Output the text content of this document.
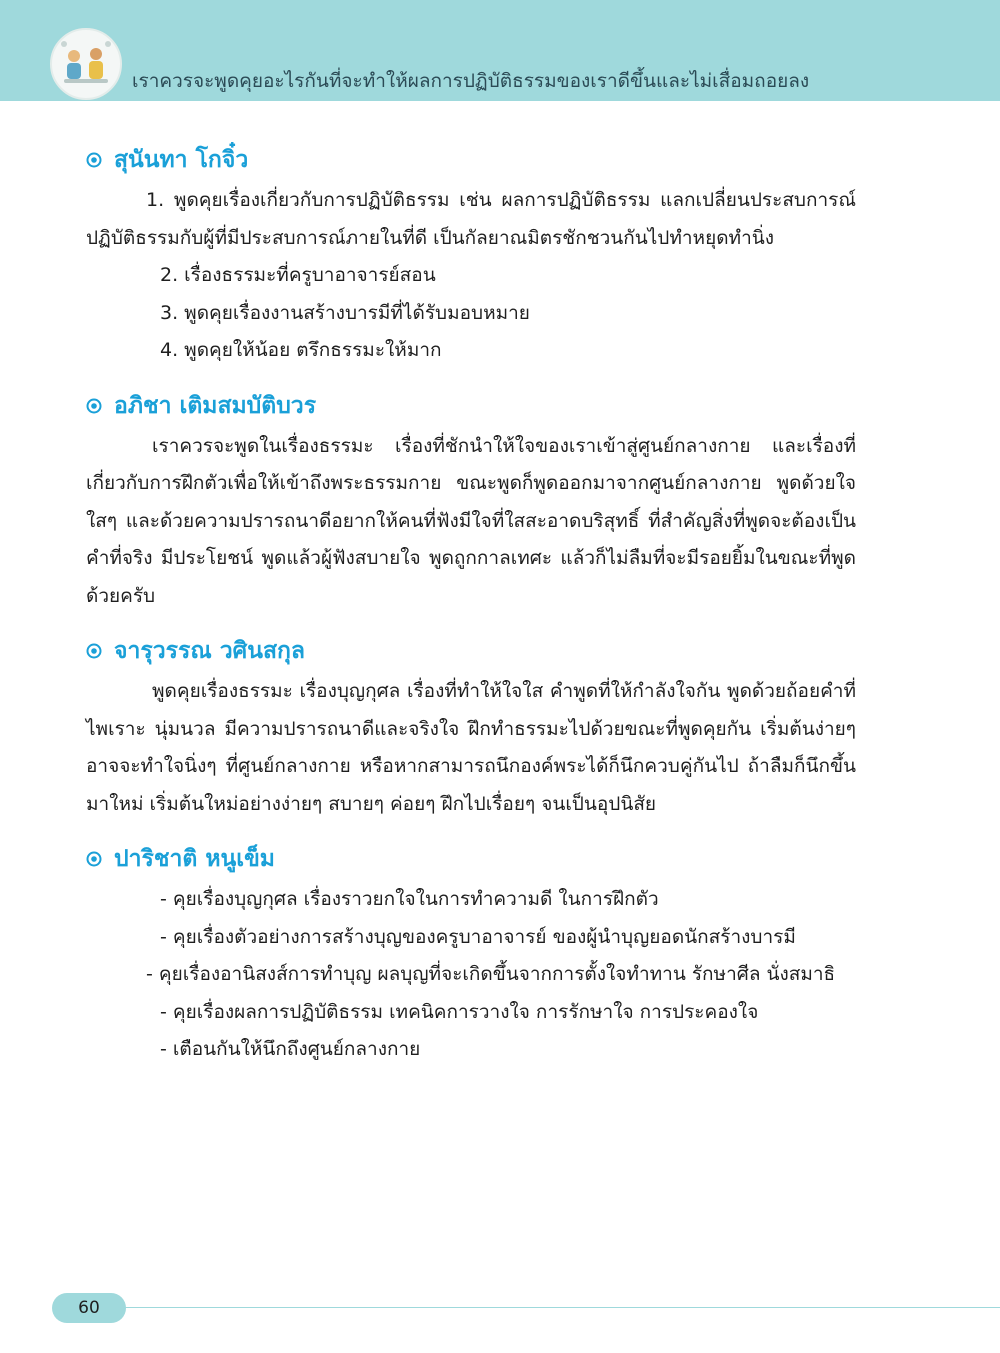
เราควรจะพูดคุยอะไรกันที่จะทำให้ผลการปฏิบัติธรรมของเราดีขึ้นและไม่เสื่อมถอยลง
สุนันทา โกจิ๋ว

1. พูดคุยเรื่องเกี่ยวกับการปฏิบัติธรรม เช่น ผลการปฏิบัติธรรม แลกเปลี่ยนประสบการณ์ปฏิบัติธรรมกับผู้ที่มีประสบการณ์ภายในที่ดี เป็นกัลยาณมิตรชักชวนกันไปทำหยุดทำนิ่ง

2. เรื่องธรรมะที่ครูบาอาจารย์สอน

3. พูดคุยเรื่องงานสร้างบารมีที่ได้รับมอบหมาย

4. พูดคุยให้น้อย ตรึกธรรมะให้มาก

อภิชา เติมสมบัติบวร

เราควรจะพูดในเรื่องธรรมะ เรื่องที่ชักนำให้ใจของเราเข้าสู่ศูนย์กลางกาย และเรื่องที่เกี่ยวกับการฝึกตัวเพื่อให้เข้าถึงพระธรรมกาย ขณะพูดก็พูดออกมาจากศูนย์กลางกาย พูดด้วยใจใสๆ และด้วยความปรารถนาดีอยากให้คนที่ฟังมีใจที่ใสสะอาดบริสุทธิ์ ที่สำคัญสิ่งที่พูดจะต้องเป็นคำที่จริง มีประโยชน์ พูดแล้วผู้ฟังสบายใจ พูดถูกกาลเทศะ แล้วก็ไม่ลืมที่จะมีรอยยิ้มในขณะที่พูดด้วยครับ

จารุวรรณ วศินสกุล

พูดคุยเรื่องธรรมะ เรื่องบุญกุศล เรื่องที่ทำให้ใจใส คำพูดที่ให้กำลังใจกัน พูดด้วยถ้อยคำที่ไพเราะ นุ่มนวล มีความปรารถนาดีและจริงใจ ฝึกทำธรรมะไปด้วยขณะที่พูดคุยกัน เริ่มต้นง่ายๆ อาจจะทำใจนิ่งๆ ที่ศูนย์กลางกาย หรือหากสามารถนึกองค์พระได้ก็นึกควบคู่กันไป ถ้าลืมก็นึกขึ้นมาใหม่ เริ่มต้นใหม่อย่างง่ายๆ สบายๆ ค่อยๆ ฝึกไปเรื่อยๆ จนเป็นอุปนิสัย

ปาริชาติ หนูเข็ม

- คุยเรื่องบุญกุศล เรื่องราวยกใจในการทำความดี ในการฝึกตัว

- คุยเรื่องตัวอย่างการสร้างบุญของครูบาอาจารย์ ของผู้นำบุญยอดนักสร้างบารมี

- คุยเรื่องอานิสงส์การทำบุญ ผลบุญที่จะเกิดขึ้นจากการตั้งใจทำทาน รักษาศีล นั่งสมาธิ

- คุยเรื่องผลการปฏิบัติธรรม เทคนิคการวางใจ การรักษาใจ การประคองใจ

- เตือนกันให้นึกถึงศูนย์กลางกาย

60
